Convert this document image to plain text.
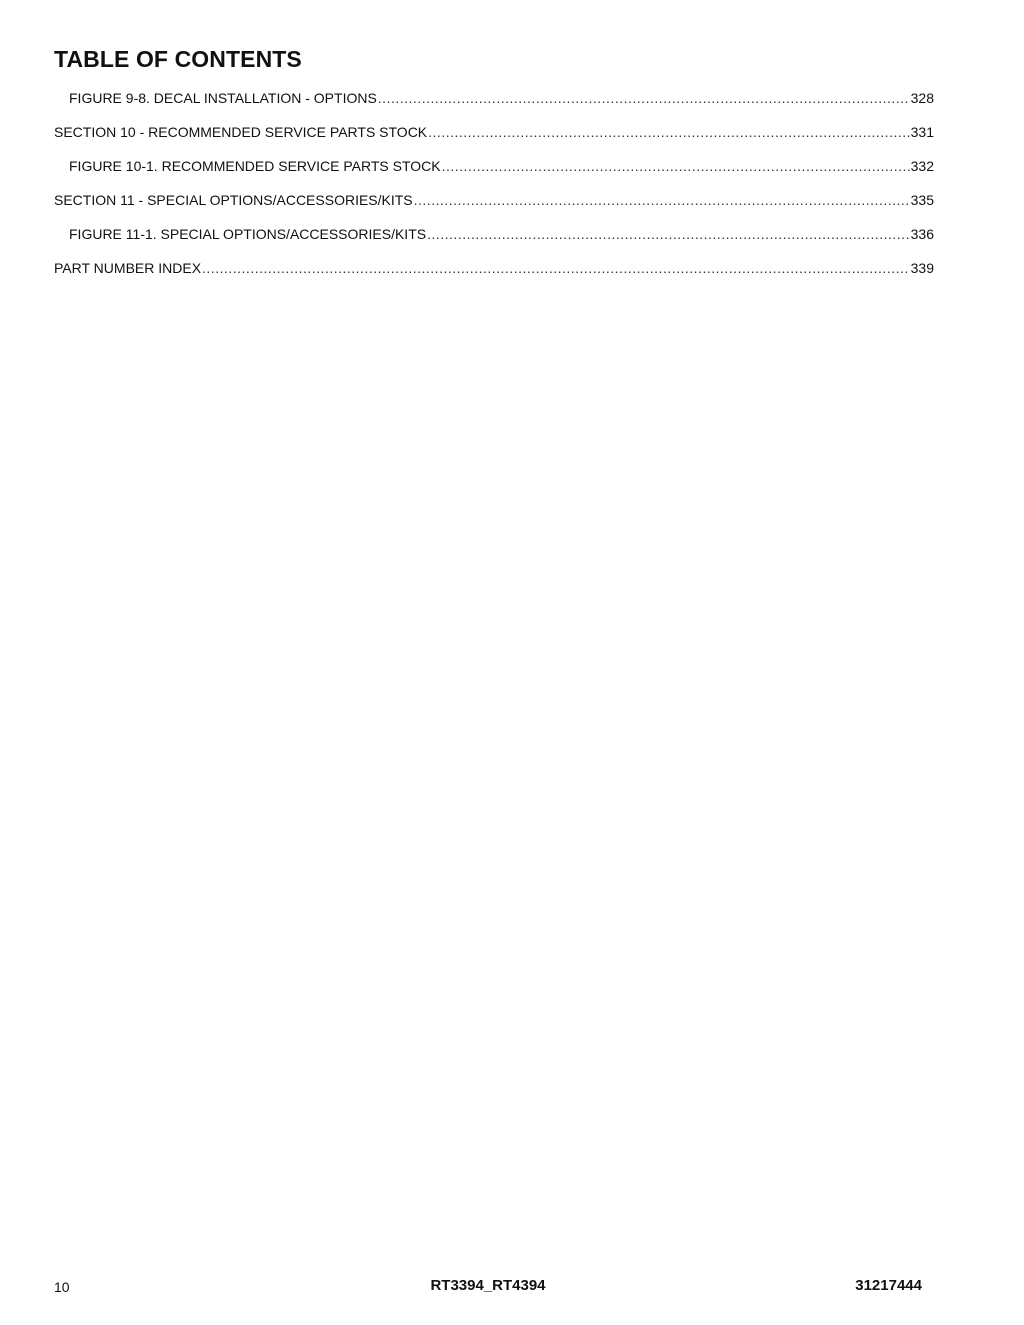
TABLE OF CONTENTS
FIGURE 9-8. DECAL INSTALLATION - OPTIONS .....	328
SECTION 10 - RECOMMENDED SERVICE PARTS STOCK .....	331
FIGURE 10-1. RECOMMENDED SERVICE PARTS STOCK .....	332
SECTION 11 - SPECIAL OPTIONS/ACCESSORIES/KITS .....	335
FIGURE 11-1. SPECIAL OPTIONS/ACCESSORIES/KITS .....	336
PART NUMBER INDEX .....	339
10	RT3394_RT4394	31217444
